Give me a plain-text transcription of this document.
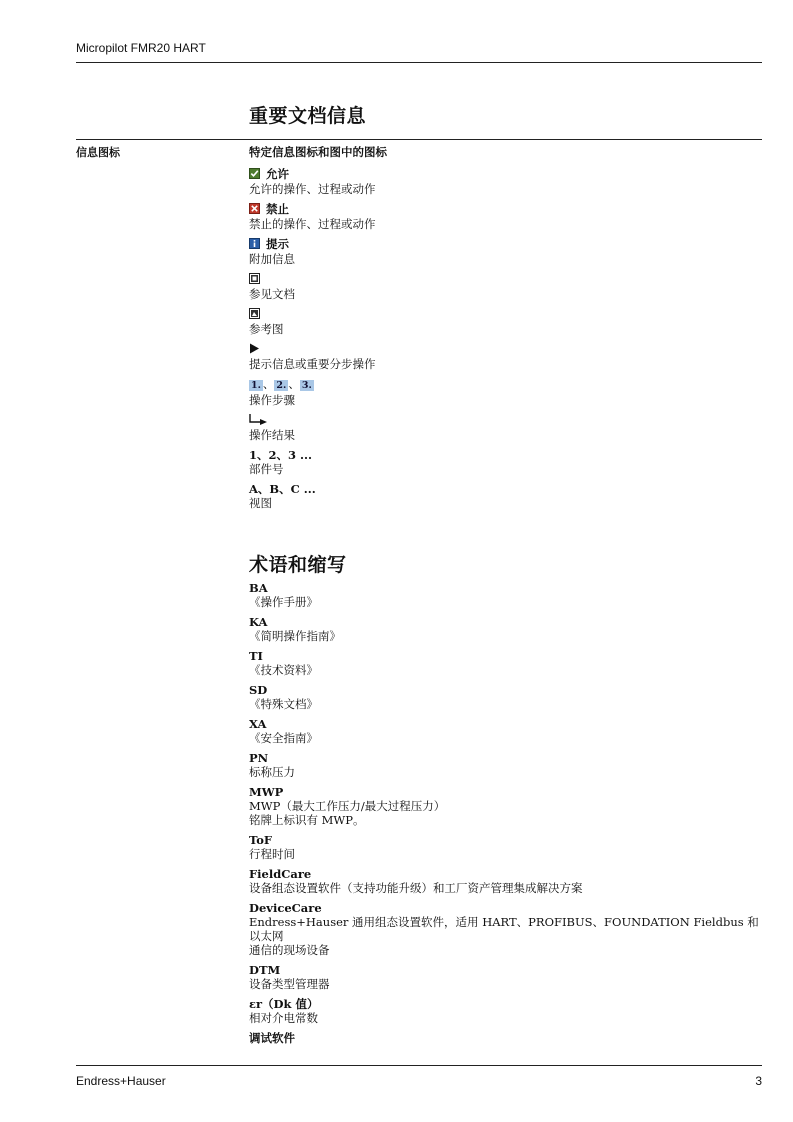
Micropilot FMR20 HART
重要文档信息
信息图标	特定信息图标和图中的图标
允许
允许的操作、过程或动作
禁止
禁止的操作、过程或动作
提示
附加信息
参见文档
参考图
提示信息或重要分步操作
1. 、 2. 、 3.
操作步骤
操作结果
1、2、3 ...
部件号
A、B、C ...
视图
术语和缩写
BA
《操作手册》
KA
《简明操作指南》
TI
《技术资料》
SD
《特殊文档》
XA
《安全指南》
PN
标称压力
MWP
MWP（最大工作压力/最大过程压力）
铭牌上标识有 MWP。
ToF
行程时间
FieldCare
设备组态设置软件（支持功能升级）和工厂资产管理集成解决方案
DeviceCare
Endress+Hauser 通用组态设置软件，适用 HART、PROFIBUS、FOUNDATION Fieldbus 和以太网
通信的现场设备
DTM
设备类型管理器
εr（Dk 值）
相对介电常数
调试软件
Endress+Hauser	3
